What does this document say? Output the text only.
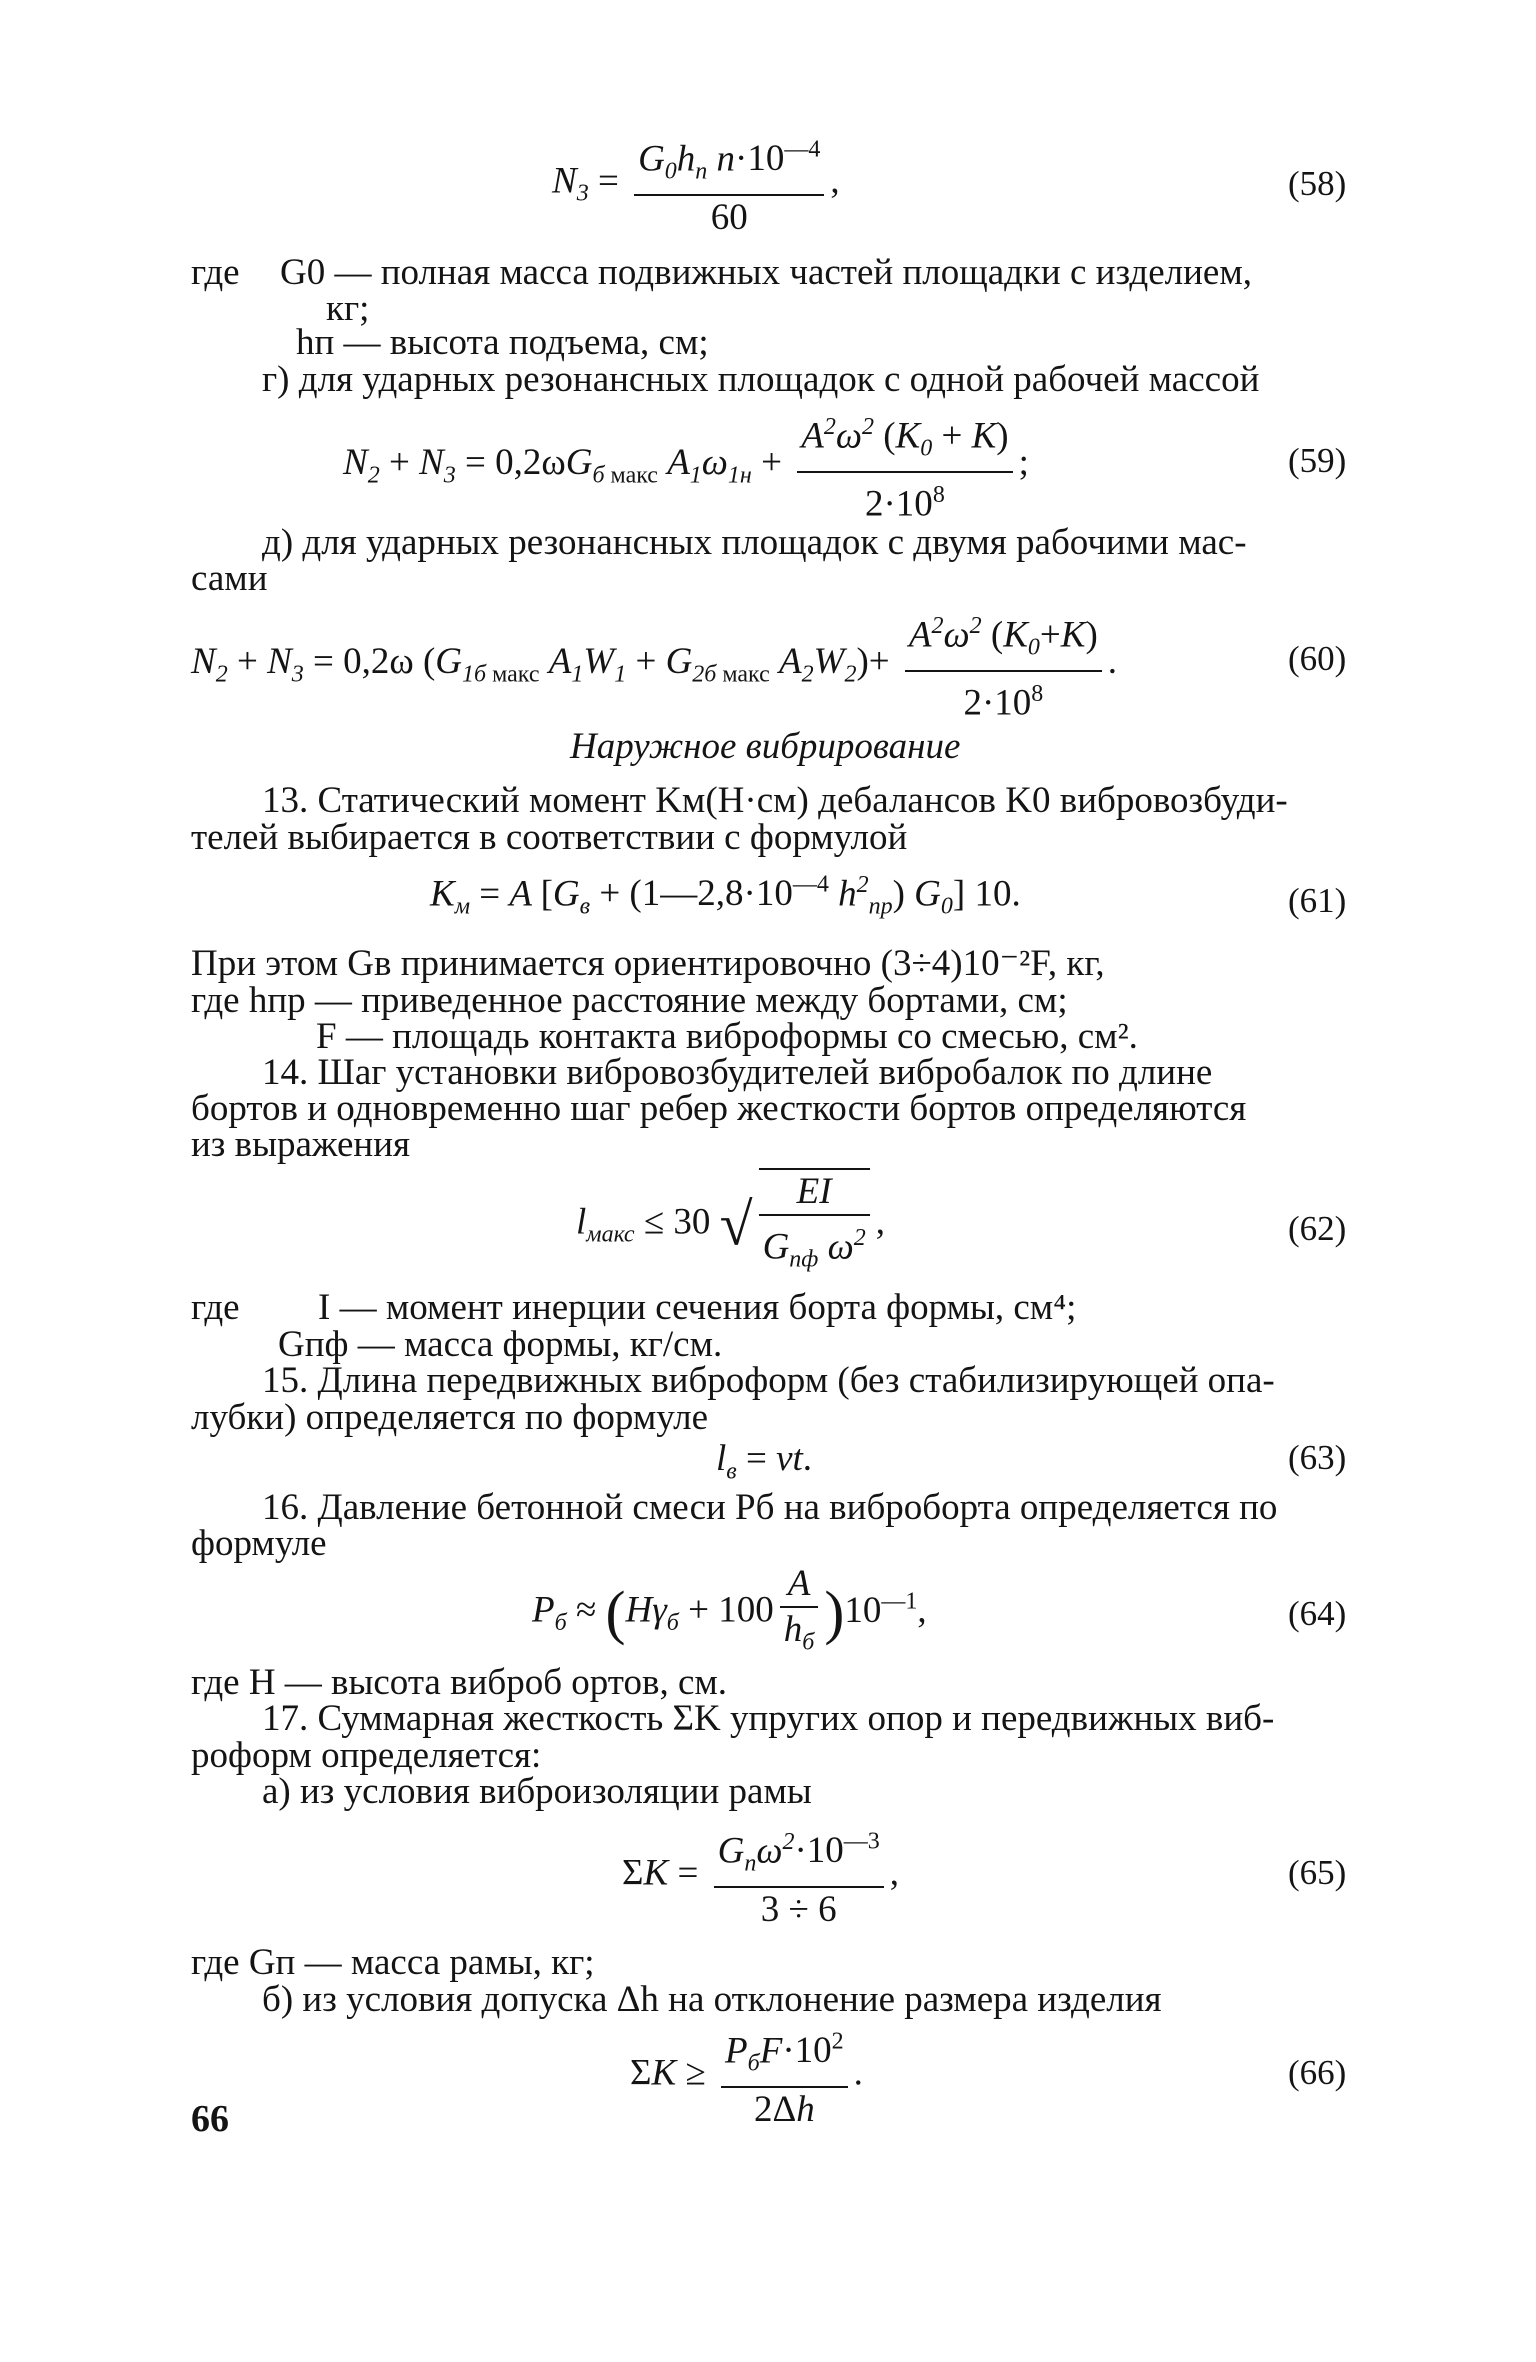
$N_3 = \frac{G_0h_п n\cdot 10^{—4}}{60}$ ,	(58)
где G0 — полная масса подвижных частей площадки с изделием,
кг;
hп — высота подъема, см;
г) для ударных резонансных площадок с одной рабочей массой
$N_2 + N_3 = 0,2\omega G_{б макс}$ $A_1\omega_{1н} + \frac{A^2\omega^2 (K_0 + K)}{2\cdot 10^8}$ ;	(59)
д) для ударных резонансных площадок с двумя рабочими мас-
сами
$N_2 + N_3 = 0,2\omega$ ($G_{1б макс}$ $A_1W_1 + G_{2б макс}$ $A_2W_2)+ \frac{A^2\omega^2 (K_0+K)}{2\cdot 10^8}$ .	(60)
Наружное вибрирование
13. Статический момент Kм(Н·см) дебалансов K0 вибровозбуди-
телей выбирается в соответствии с формулой
$K_м = A$ [$G_в$ + ($1—2,8\cdot 10^{—4}$ $h^2_{пр}$) $G_0$] 10.	(61)
При этом Gв принимается ориентировочно (3÷4)10⁻²F, кг,
где hпр — приведенное расстояние между бортами, см;
F — площадь контакта виброформы со смесью, см².
14. Шаг установки вибровозбудителей вибробалок по длине
бортов и одновременно шаг ребер жесткости бортов определяются
из выражения
$l_{макс} \le 30$ √ $\frac{EI}{G_{пф} \omega^2}$ ,	(62)
где I — момент инерции сечения борта формы, см⁴;
Gпф — масса формы, кг/см.
15. Длина передвижных виброформ (без стабилизирующей опа-
лубки) определяется по формуле
$l_в$ = vt.	(63)
16. Давление бетонной смеси Pб на виброборта определяется по
формуле
$P_б \approx (H\gamma_б + 100 \frac{A}{h_б} )10^{—1}$,	(64)
где H — высота виброб ортов, см.
17. Суммарная жесткость ΣK упругих опор и передвижных виб-
роформ определяется:
а) из условия виброизоляции рамы
$\Sigma K = \frac{G_п\omega^2\cdot 10^{—3}}{3 \div 6}$ ,	(65)
где Gп — масса рамы, кг;
б) из условия допуска Δh на отклонение размера изделия
$\Sigma K \ge \frac{P_бF\cdot 10^2}{2\Delta h}$ .	(66)
66
